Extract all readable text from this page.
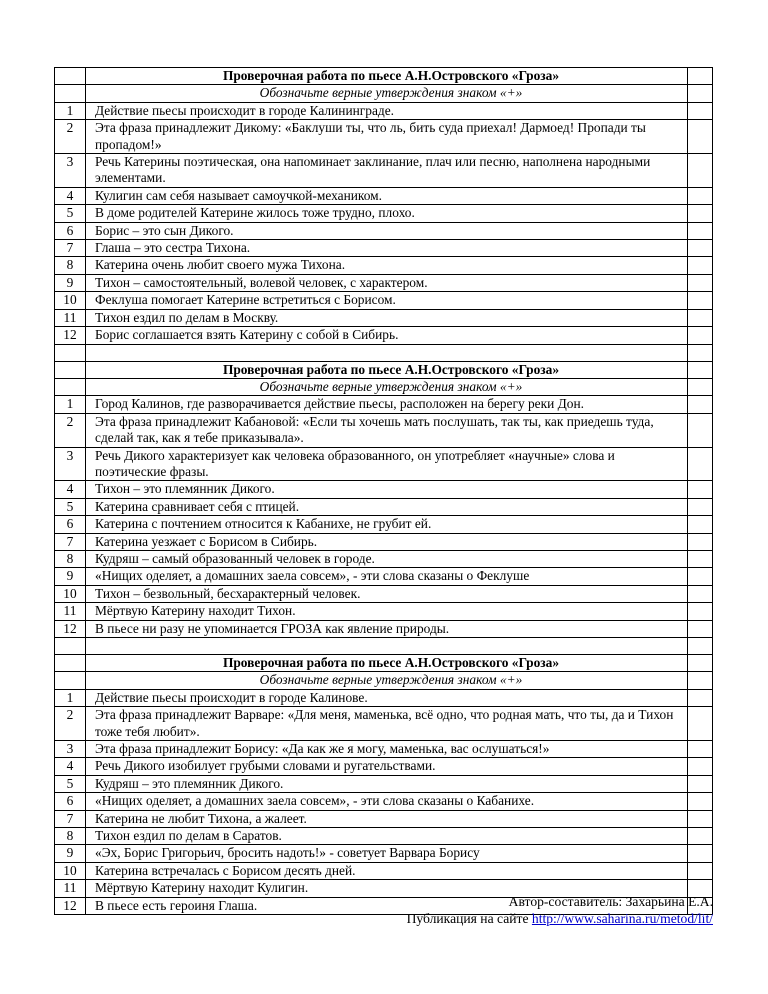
	Проверочная работа по пьесе А.Н.Островского «Гроза»	
	Обозначьте верные утверждения знаком «+»	
1	Действие пьесы происходит в городе Калининграде.	
2	Эта фраза принадлежит Дикому: «Баклуши ты, что ль, бить суда приехал! Дармоед! Пропади ты пропадом!»	
3	Речь Катерины поэтическая, она напоминает заклинание, плач или песню, наполнена народными элементами.	
4	Кулигин сам себя называет самоучкой-механиком.	
5	В доме родителей Катерине жилось тоже трудно, плохо.	
6	Борис – это сын Дикого.	
7	Глаша – это сестра Тихона.	
8	Катерина очень любит своего мужа Тихона.	
9	Тихон – самостоятельный, волевой человек, с характером.	
10	Феклуша помогает Катерине встретиться с Борисом.	
11	Тихон ездил по делам в Москву.	
12	Борис соглашается взять Катерину с собой в Сибирь.	

	Проверочная работа по пьесе А.Н.Островского «Гроза»	
	Обозначьте верные утверждения знаком «+»	
1	Город Калинов, где разворачивается действие пьесы, расположен на берегу реки Дон.	
2	Эта фраза принадлежит Кабановой: «Если ты хочешь мать послушать, так ты, как приедешь туда, сделай так, как я тебе приказывала».	
3	Речь Дикого характеризует как человека образованного, он употребляет «научные» слова и поэтические фразы.	
4	Тихон – это племянник Дикого.	
5	Катерина сравнивает себя с птицей.	
6	Катерина с почтением относится к Кабанихе, не грубит ей.	
7	Катерина уезжает с Борисом в Сибирь.	
8	Кудряш – самый образованный человек в городе.	
9	«Нищих оделяет, а домашних заела совсем», - эти слова сказаны о Феклуше	
10	Тихон – безвольный, бесхарактерный человек.	
11	Мёртвую Катерину находит Тихон.	
12	В пьесе ни разу не упоминается ГРОЗА как явление природы.	

	Проверочная работа по пьесе А.Н.Островского «Гроза»	
	Обозначьте верные утверждения знаком «+»	
1	Действие пьесы происходит в городе Калинове.	
2	Эта фраза принадлежит Варваре: «Для меня, маменька, всё одно, что родная мать, что ты, да и Тихон тоже тебя любит».	
3	Эта фраза принадлежит Борису: «Да как же я могу, маменька, вас ослушаться!»	
4	Речь Дикого изобилует грубыми словами и ругательствами.	
5	Кудряш – это племянник Дикого.	
6	«Нищих оделяет, а домашних заела совсем», - эти слова сказаны о Кабанихе.	
7	Катерина не любит Тихона, а жалеет.	
8	Тихон ездил по делам в Саратов.	
9	«Эх, Борис Григорьич, бросить надоть!» - советует Варвара Борису	
10	Катерина встречалась с Борисом десять дней.	
11	Мёртвую Катерину находит Кулигин.	
12	В пьесе есть героиня Глаша.		Автор-составитель: Захарьина Е.А.
Публикация на сайте http://www.saharina.ru/metod/lit/
